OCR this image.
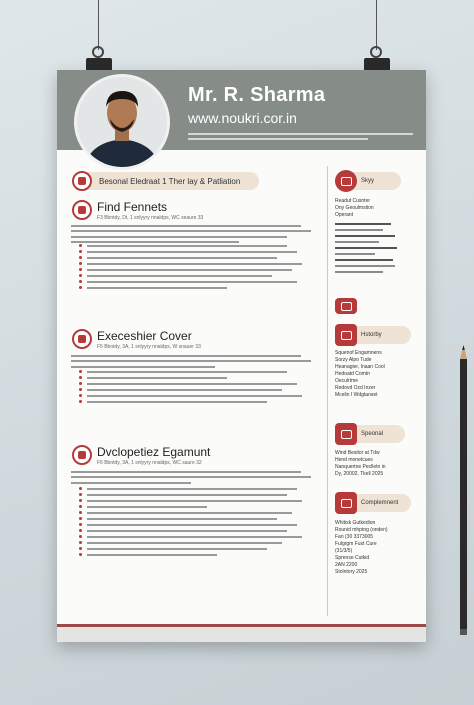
Mr. R. Sharma
www.noukri.cor.in
Besonal Eledraat 1 Ther lay & Patliation
Find Fennets
F3 Bbntdy, Dt, 1 snlyyry nnaldps, WC seaure 33
Execeshier Cover
F5 Bbntdy, 3A, 1 snlyyry nnaldps, W snauer 33
Dvclopetiez Egamunt
F6 Bbntdy, 3A, 1 snlyyry nnaldps, WC saure 32
Skyy
Readut Cusnter
Ony Geoulmstion
Operant
Hstorby
Squenof Engamnens
Sorzy Alpo Tude
Heanagier, Inaan Cool
Hedoatd Comtn
Oeculrtme
Redovd Ozd Inzer
Mcelin I Wdgtanset
Speonal
Wind Besitor at Tdw
Hend monetcues
Nanquertne Peclletn in
Dy, 20002. Tkell 2025
Complemnent
Whitisk Gutkedion
Rounid mhptng (onden)
Fan (30 3373005
Fulgrgm Fust Cure
(31/3/5)
Sprense Cutkid
2AN 2200
Stolntory 2025
